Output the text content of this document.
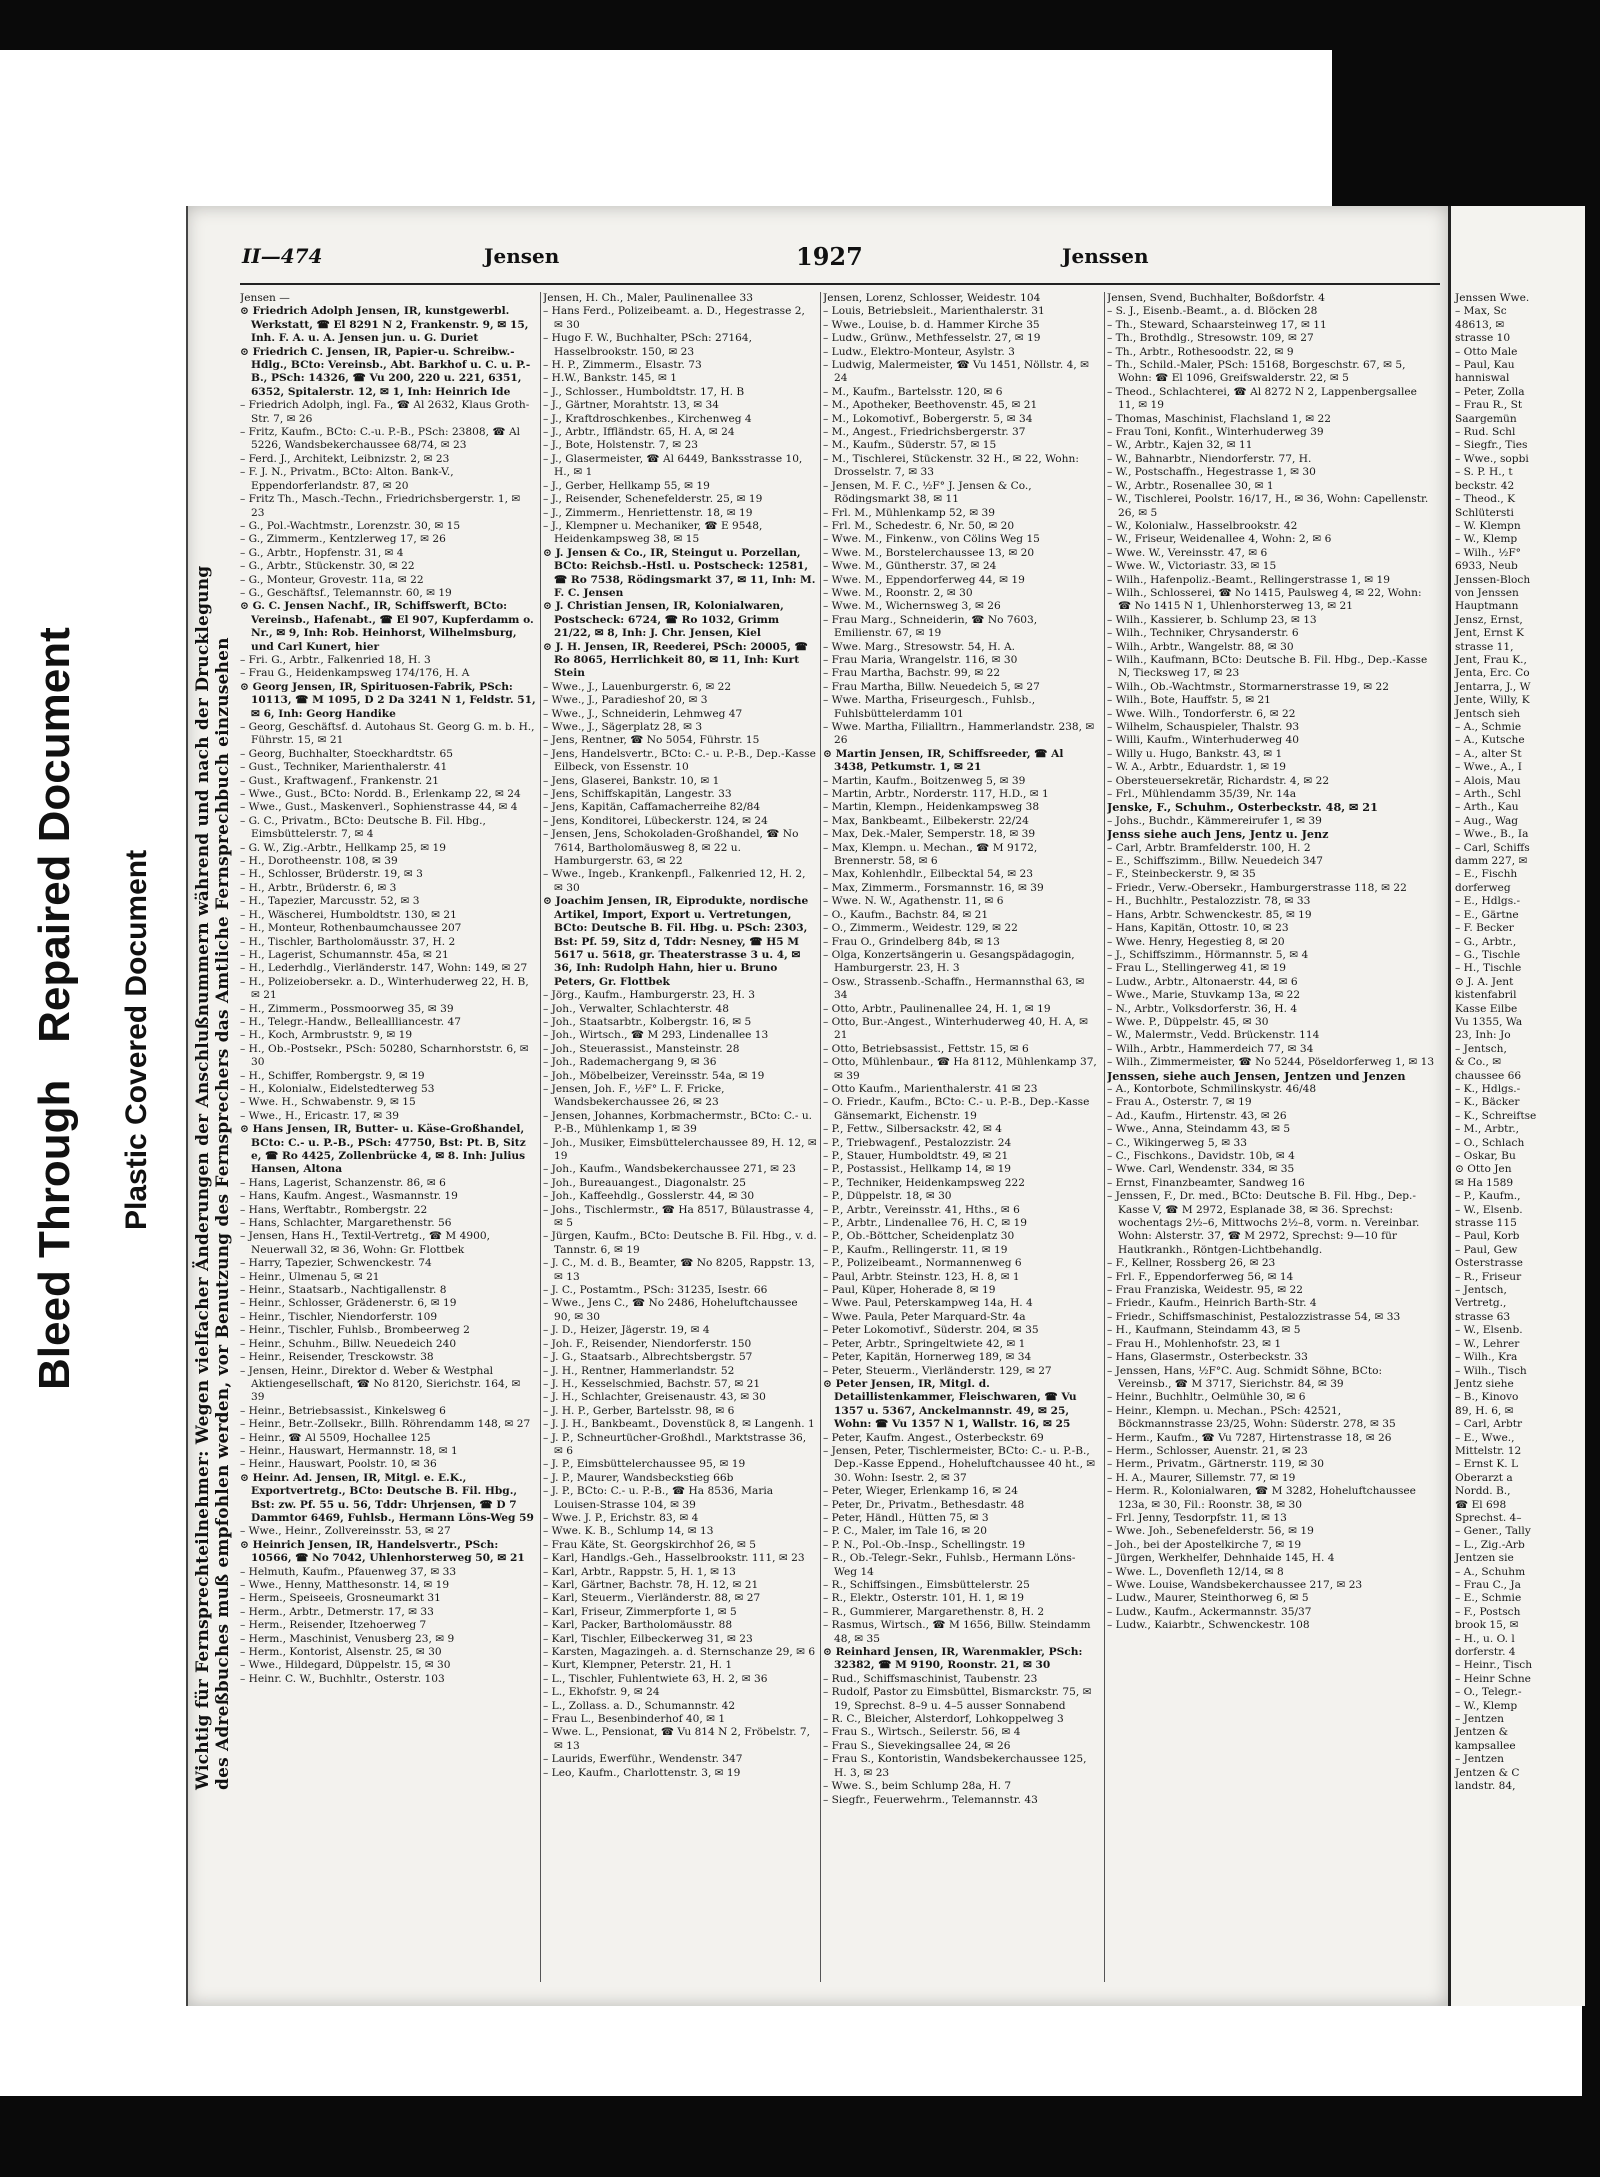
Bleed Through   Repaired Document Plastic Covered Document Wichtig für Fernsprechteilnehmer: Wegen vielfacher Änderungen der Anschlußnummern während und nach der Drucklegung des Adreßbuches muß empfohlen werden, vor Benutzung des Fernsprechers das Amtliche Fernsprechbuch einzusehen
II—474	Jensen	1927	Jenssen

Jensen —

⊙ Friedrich Adolph Jensen, IR, kunstgewerbl. Werkstatt, ☎ El 8291 N 2, Frankenstr. 9, ✉ 15, Inh. F. A. u. A. Jensen jun. u. G. Duriet

⊙ Friedrich C. Jensen, IR, Papier-u. Schreibw.-Hdlg., BCto: Vereinsb., Abt. Barkhof u. C. u. P.-B., PSch: 14326, ☎ Vu 200, 220 u. 221, 6351, 6352, Spitalerstr. 12, ✉ 1, Inh: Heinrich Ide

– Friedrich Adolph, ingl. Fa., ☎ Al 2632, Klaus Groth-Str. 7, ✉ 26

– Fritz, Kaufm., BCto: C.-u. P.-B., PSch: 23808, ☎ Al 5226, Wandsbekerchaussee 68/74, ✉ 23

– Ferd. J., Architekt, Leibnizstr. 2, ✉ 23

– F. J. N., Privatm., BCto: Alton. Bank-V., Eppendorferlandstr. 87, ✉ 20

– Fritz Th., Masch.-Techn., Friedrichsbergerstr. 1, ✉ 23

– G., Pol.-Wachtmstr., Lorenzstr. 30, ✉ 15

– G., Zimmerm., Kentzlerweg 17, ✉ 26

– G., Arbtr., Hopfenstr. 31, ✉ 4

– G., Arbtr., Stückenstr. 30, ✉ 22

– G., Monteur, Grovestr. 11a, ✉ 22

– G., Geschäftsf., Telemannstr. 60, ✉ 19

⊙ G. C. Jensen Nachf., IR, Schiffswerft, BCto: Vereinsb., Hafenabt., ☎ El 907, Kupferdamm o. Nr., ✉ 9, Inh: Rob. Heinhorst, Wilhelmsburg, und Carl Kunert, hier

– Fri. G., Arbtr., Falkenried 18, H. 3

– Frau G., Heidenkampsweg 174/176, H. A

⊙ Georg Jensen, IR, Spirituosen-Fabrik, PSch: 10113, ☎ M 1095, D 2 Da 3241 N 1, Feldstr. 51, ✉ 6, Inh: Georg Handike

– Georg, Geschäftsf. d. Autohaus St. Georg G. m. b. H., Führstr. 15, ✉ 21

– Georg, Buchhalter, Stoeckhardtstr. 65

– Gust., Techniker, Marienthalerstr. 41

– Gust., Kraftwagenf., Frankenstr. 21

– Wwe., Gust., BCto: Nordd. B., Erlenkamp 22, ✉ 24

– Wwe., Gust., Maskenverl., Sophienstrasse 44, ✉ 4

– G. C., Privatm., BCto: Deutsche B. Fil. Hbg., Eimsbüttelerstr. 7, ✉ 4

– G. W., Zig.-Arbtr., Hellkamp 25, ✉ 19

– H., Dorotheenstr. 108, ✉ 39

– H., Schlosser, Brüderstr. 19, ✉ 3

– H., Arbtr., Brüderstr. 6, ✉ 3

– H., Tapezier, Marcusstr. 52, ✉ 3

– H., Wäscherei, Humboldtstr. 130, ✉ 21

– H., Monteur, Rothenbaumchaussee 207

– H., Tischler, Bartholomäusstr. 37, H. 2

– H., Lagerist, Schumannstr. 45a, ✉ 21

– H., Lederhdlg., Vierländerstr. 147, Wohn: 149, ✉ 27

– H., Polizeiobersekr. a. D., Winterhuderweg 22, H. B, ✉ 21

– H., Zimmerm., Possmoorweg 35, ✉ 39

– H., Telegr.-Handw., Belleallliancestr. 47

– H., Koch, Armbruststr. 9, ✉ 19

– H., Ob.-Postsekr., PSch: 50280, Scharnhorststr. 6, ✉ 30

– H., Schiffer, Rombergstr. 9, ✉ 19

– H., Kolonialw., Eidelstedterweg 53

– Wwe. H., Schwabenstr. 9, ✉ 15

– Wwe., H., Ericastr. 17, ✉ 39

⊙ Hans Jensen, IR, Butter- u. Käse-Großhandel, BCto: C.- u. P.-B., PSch: 47750, Bst: Pt. B, Sitz e, ☎ Ro 4425, Zollenbrücke 4, ✉ 8. Inh: Julius Hansen, Altona

– Hans, Lagerist, Schanzenstr. 86, ✉ 6

– Hans, Kaufm. Angest., Wasmannstr. 19

– Hans, Werftabtr., Rombergstr. 22

– Hans, Schlachter, Margarethenstr. 56

– Jensen, Hans H., Textil-Vertretg., ☎ M 4900, Neuerwall 32, ✉ 36, Wohn: Gr. Flottbek

– Harry, Tapezier, Schwenckestr. 74

– Heinr., Ulmenau 5, ✉ 21

– Heinr., Staatsarb., Nachtigallenstr. 8

– Heinr., Schlosser, Grädenerstr. 6, ✉ 19

– Heinr., Tischler, Niendorferstr. 109

– Heinr., Tischler, Fuhlsb., Brombeerweg 2

– Heinr., Schuhm., Billw. Neuedeich 240

– Heinr., Reisender, Tresckowstr. 38

– Jensen, Heinr., Direktor d. Weber & Westphal Aktiengesellschaft, ☎ No 8120, Sierichstr. 164, ✉ 39

– Heinr., Betriebsassist., Kinkelsweg 6

– Heinr., Betr.-Zollsekr., Billh. Röhrendamm 148, ✉ 27

– Heinr., ☎ Al 5509, Hochallee 125

– Heinr., Hauswart, Hermannstr. 18, ✉ 1

– Heinr., Hauswart, Poolstr. 10, ✉ 36

⊙ Heinr. Ad. Jensen, IR, Mitgl. e. E.K., Exportvertretg., BCto: Deutsche B. Fil. Hbg., Bst: zw. Pf. 55 u. 56, Tddr: Uhrjensen, ☎ D 7 Dammtor 6469, Fuhlsb., Hermann Löns-Weg 59

– Wwe., Heinr., Zollvereinsstr. 53, ✉ 27

⊙ Heinrich Jensen, IR, Handelsvertr., PSch: 10566, ☎ No 7042, Uhlenhorsterweg 50, ✉ 21

– Helmuth, Kaufm., Pfauenweg 37, ✉ 33

– Wwe., Henny, Matthesonstr. 14, ✉ 19

– Herm., Speiseeis, Grosneumarkt 31

– Herm., Arbtr., Detmerstr. 17, ✉ 33

– Herm., Reisender, Itzehoerweg 7

– Herm., Maschinist, Venusberg 23, ✉ 9

– Herm., Kontorist, Alsenstr. 25, ✉ 30

– Wwe., Hildegard, Düppelstr. 15, ✉ 30

– Heinr. C. W., Buchhltr., Osterstr. 103

Jensen, H. Ch., Maler, Paulinenallee 33

– Hans Ferd., Polizeibeamt. a. D., Hegestrasse 2, ✉ 30

– Hugo F. W., Buchhalter, PSch: 27164, Hasselbrookstr. 150, ✉ 23

– H. P., Zimmerm., Elsastr. 73

– H.W., Bankstr. 145, ✉ 1

– J., Schlosser., Humboldtstr. 17, H. B

– J., Gärtner, Morahtstr. 13, ✉ 34

– J., Kraftdroschkenbes., Kirchenweg 4

– J., Arbtr., Iffländstr. 65, H. A, ✉ 24

– J., Bote, Holstenstr. 7, ✉ 23

– J., Glasermeister, ☎ Al 6449, Banksstrasse 10, H., ✉ 1

– J., Gerber, Hellkamp 55, ✉ 19

– J., Reisender, Schenefelderstr. 25, ✉ 19

– J., Zimmerm., Henriettenstr. 18, ✉ 19

– J., Klempner u. Mechaniker, ☎ E 9548, Heidenkampsweg 38, ✉ 15

⊙ J. Jensen & Co., IR, Steingut u. Porzellan, BCto: Reichsb.-Hstl. u. Postscheck: 12581, ☎ Ro 7538, Rödingsmarkt 37, ✉ 11, Inh: M. F. C. Jensen

⊙ J. Christian Jensen, IR, Kolonialwaren, Postscheck: 6724, ☎ Ro 1032, Grimm 21/22, ✉ 8, Inh: J. Chr. Jensen, Kiel

⊙ J. H. Jensen, IR, Reederei, PSch: 20005, ☎ Ro 8065, Herrlichkeit 80, ✉ 11, Inh: Kurt Stein

– Wwe., J., Lauenburgerstr. 6, ✉ 22

– Wwe., J., Paradieshof 20, ✉ 3

– Wwe., J., Schneiderin, Lehmweg 47

– Wwe., J., Sägerplatz 28, ✉ 3

– Jens, Rentner, ☎ No 5054, Führstr. 15

– Jens, Handelsvertr., BCto: C.- u. P.-B., Dep.-Kasse Eilbeck, von Essenstr. 10

– Jens, Glaserei, Bankstr. 10, ✉ 1

– Jens, Schiffskapitän, Langestr. 33

– Jens, Kapitän, Caffamacherreihe 82/84

– Jens, Konditorei, Lübeckerstr. 124, ✉ 24

– Jensen, Jens, Schokoladen-Großhandel, ☎ No 7614, Bartholomäusweg 8, ✉ 22 u. Hamburgerstr. 63, ✉ 22

– Wwe., Ingeb., Krankenpfl., Falkenried 12, H. 2, ✉ 30

⊙ Joachim Jensen, IR, Eiprodukte, nordische Artikel, Import, Export u. Vertretungen, BCto: Deutsche B. Fil. Hbg. u. PSch: 2303, Bst: Pf. 59, Sitz d, Tddr: Nesney, ☎ H5 M 5617 u. 5618, gr. Theaterstrasse 3 u. 4, ✉ 36, Inh: Rudolph Hahn, hier u. Bruno Peters, Gr. Flottbek

– Jörg., Kaufm., Hamburgerstr. 23, H. 3

– Joh., Verwalter, Schlachterstr. 48

– Joh., Staatsarbtr., Kolbergstr. 16, ✉ 5

– Joh., Wirtsch., ☎ M 293, Lindenallee 13

– Joh., Steuerassist., Mansteinstr. 28

– Joh., Rademachergang 9, ✉ 36

– Joh., Möbelbeizer, Vereinsstr. 54a, ✉ 19

– Jensen, Joh. F., ½F° L. F. Fricke, Wandsbekerchaussee 26, ✉ 23

– Jensen, Johannes, Korbmachermstr., BCto: C.- u. P.-B., Mühlenkamp 1, ✉ 39

– Joh., Musiker, Eimsbüttelerchaussee 89, H. 12, ✉ 19

– Joh., Kaufm., Wandsbekerchaussee 271, ✉ 23

– Joh., Bureauangest., Diagonalstr. 25

– Joh., Kaffeehdlg., Gosslerstr. 44, ✉ 30

– Johs., Tischlermstr., ☎ Ha 8517, Bülaustrasse 4, ✉ 5

– Jürgen, Kaufm., BCto: Deutsche B. Fil. Hbg., v. d. Tannstr. 6, ✉ 19

– J. C., M. d. B., Beamter, ☎ No 8205, Rappstr. 13, ✉ 13

– J. C., Postamtm., PSch: 31235, Isestr. 66

– Wwe., Jens C., ☎ No 2486, Hoheluftchaussee 90, ✉ 30

– J. D., Heizer, Jägerstr. 19, ✉ 4

– Joh. F., Reisender, Niendorferstr. 150

– J. G., Staatsarb., Albrechtsbergstr. 57

– J. H., Rentner, Hammerlandstr. 52

– J. H., Kesselschmied, Bachstr. 57, ✉ 21

– J. H., Schlachter, Greisenaustr. 43, ✉ 30

– J. H. P., Gerber, Bartelsstr. 98, ✉ 6

– J. J. H., Bankbeamt., Dovenstück 8, ✉ Langenh. 1

– J. P., Schneurtücher-Großhdl., Marktstrasse 36, ✉ 6

– J. P., Eimsbüttelerchaussee 95, ✉ 19

– J. P., Maurer, Wandsbeckstieg 66b

– J. P., BCto: C.- u. P.-B., ☎ Ha 8536, Maria Louisen-Strasse 104, ✉ 39

– Wwe. J. P., Erichstr. 83, ✉ 4

– Wwe. K. B., Schlump 14, ✉ 13

– Frau Käte, St. Georgskirchhof 26, ✉ 5

– Karl, Handlgs.-Geh., Hasselbrookstr. 111, ✉ 23

– Karl, Arbtr., Rappstr. 5, H. 1, ✉ 13

– Karl, Gärtner, Bachstr. 78, H. 12, ✉ 21

– Karl, Steuerm., Vierländerstr. 88, ✉ 27

– Karl, Friseur, Zimmerpforte 1, ✉ 5

– Karl, Packer, Bartholomäusstr. 88

– Karl, Tischler, Eilbeckerweg 31, ✉ 23

– Karsten, Magazingeh. a. d. Sternschanze 29, ✉ 6

– Kurt, Klempner, Peterstr. 21, H. 1

– L., Tischler, Fuhlentwiete 63, H. 2, ✉ 36

– L., Ekhofstr. 9, ✉ 24

– L., Zollass. a. D., Schumannstr. 42

– Frau L., Besenbinderhof 40, ✉ 1

– Wwe. L., Pensionat, ☎ Vu 814 N 2, Fröbelstr. 7, ✉ 13

– Laurids, Ewerführ., Wendenstr. 347

– Leo, Kaufm., Charlottenstr. 3, ✉ 19

Jensen, Lorenz, Schlosser, Weidestr. 104

– Louis, Betriebsleit., Marienthalerstr. 31

– Wwe., Louise, b. d. Hammer Kirche 35

– Ludw., Grünw., Methfesselstr. 27, ✉ 19

– Ludw., Elektro-Monteur, Asylstr. 3

– Ludwig, Malermeister, ☎ Vu 1451, Nöllstr. 4, ✉ 24

– M., Kaufm., Bartelsstr. 120, ✉ 6

– M., Apotheker, Beethovenstr. 45, ✉ 21

– M., Lokomotivf., Bobergerstr. 5, ✉ 34

– M., Angest., Friedrichsbergerstr. 37

– M., Kaufm., Süderstr. 57, ✉ 15

– M., Tischlerei, Stückenstr. 32 H., ✉ 22, Wohn: Drosselstr. 7, ✉ 33

– Jensen, M. F. C., ½F° J. Jensen & Co., Rödingsmarkt 38, ✉ 11

– Frl. M., Mühlenkamp 52, ✉ 39

– Frl. M., Schedestr. 6, Nr. 50, ✉ 20

– Wwe. M., Finkenw., von Cölins Weg 15

– Wwe. M., Borstelerchaussee 13, ✉ 20

– Wwe. M., Güntherstr. 37, ✉ 24

– Wwe. M., Eppendorferweg 44, ✉ 19

– Wwe. M., Roonstr. 2, ✉ 30

– Wwe. M., Wichernsweg 3, ✉ 26

– Frau Marg., Schneiderin, ☎ No 7603, Emilienstr. 67, ✉ 19

– Wwe. Marg., Stresowstr. 54, H. A.

– Frau Maria, Wrangelstr. 116, ✉ 30

– Frau Martha, Bachstr. 99, ✉ 22

– Frau Martha, Billw. Neuedeich 5, ✉ 27

– Wwe. Martha, Friseurgesch., Fuhlsb., Fuhlsbüttelerdamm 101

– Wwe. Martha, Filialltrn., Hammerlandstr. 238, ✉ 26

⊙ Martin Jensen, IR, Schiffsreeder, ☎ Al 3438, Petkumstr. 1, ✉ 21

– Martin, Kaufm., Boitzenweg 5, ✉ 39

– Martin, Arbtr., Norderstr. 117, H.D., ✉ 1

– Martin, Klempn., Heidenkampsweg 38

– Max, Bankbeamt., Eilbekerstr. 22/24

– Max, Dek.-Maler, Semperstr. 18, ✉ 39

– Max, Klempn. u. Mechan., ☎ M 9172, Brennerstr. 58, ✉ 6

– Max, Kohlenhdlr., Eilbecktal 54, ✉ 23

– Max, Zimmerm., Forsmannstr. 16, ✉ 39

– Wwe. N. W., Agathenstr. 11, ✉ 6

– O., Kaufm., Bachstr. 84, ✉ 21

– O., Zimmerm., Weidestr. 129, ✉ 22

– Frau O., Grindelberg 84b, ✉ 13

– Olga, Konzertsängerin u. Gesangspädagogin, Hamburgerstr. 23, H. 3

– Osw., Strassenb.-Schaffn., Hermannsthal 63, ✉ 34

– Otto, Arbtr., Paulinenallee 24, H. 1, ✉ 19

– Otto, Bur.-Angest., Winterhuderweg 40, H. A, ✉ 21

– Otto, Betriebsassist., Fettstr. 15, ✉ 6

– Otto, Mühlenbaur., ☎ Ha 8112, Mühlenkamp 37, ✉ 39

– Otto Kaufm., Marienthalerstr. 41 ✉ 23

– O. Friedr., Kaufm., BCto: C.- u. P.-B., Dep.-Kasse Gänsemarkt, Eichenstr. 19

– P., Fettw., Silbersackstr. 42, ✉ 4

– P., Triebwagenf., Pestalozzistr. 24

– P., Stauer, Humboldtstr. 49, ✉ 21

– P., Postassist., Hellkamp 14, ✉ 19

– P., Techniker, Heidenkampsweg 222

– P., Düppelstr. 18, ✉ 30

– P., Arbtr., Vereinsstr. 41, Hths., ✉ 6

– P., Arbtr., Lindenallee 76, H. C, ✉ 19

– P., Ob.-Böttcher, Scheidenplatz 30

– P., Kaufm., Rellingerstr. 11, ✉ 19

– P., Polizeibeamt., Normannenweg 6

– Paul, Arbtr. Steinstr. 123, H. 8, ✉ 1

– Paul, Küper, Hoherade 8, ✉ 19

– Wwe. Paul, Peterskampweg 14a, H. 4

– Wwe. Paula, Peter Marquard-Str. 4a

– Peter Lokomotivf., Süderstr. 204, ✉ 35

– Peter, Arbtr., Springeltwiete 42, ✉ 1

– Peter, Kapitän, Hornerweg 189, ✉ 34

– Peter, Steuerm., Vierländerstr. 129, ✉ 27

⊙ Peter Jensen, IR, Mitgl. d. Detaillistenkammer, Fleischwaren, ☎ Vu 1357 u. 5367, Anckelmannstr. 49, ✉ 25, Wohn: ☎ Vu 1357 N 1, Wallstr. 16, ✉ 25

– Peter, Kaufm. Angest., Osterbeckstr. 69

– Jensen, Peter, Tischlermeister, BCto: C.- u. P.-B., Dep.-Kasse Eppend., Hoheluftchaussee 40 ht., ✉ 30. Wohn: Isestr. 2, ✉ 37

– Peter, Wieger, Erlenkamp 16, ✉ 24

– Peter, Dr., Privatm., Bethesdastr. 48

– Peter, Händl., Hütten 75, ✉ 3

– P. C., Maler, im Tale 16, ✉ 20

– P. N., Pol.-Ob.-Insp., Schellingstr. 19

– R., Ob.-Telegr.-Sekr., Fuhlsb., Hermann Löns-Weg 14

– R., Schiffsingen., Eimsbüttelerstr. 25

– R., Elektr., Osterstr. 101, H. 1, ✉ 19

– R., Gummierer, Margarethenstr. 8, H. 2

– Rasmus, Wirtsch., ☎ M 1656, Billw. Steindamm 48, ✉ 35

⊙ Reinhard Jensen, IR, Warenmakler, PSch: 32382, ☎ M 9190, Roonstr. 21, ✉ 30

– Rud., Schiffsmaschinist, Taubenstr. 23

– Rudolf, Pastor zu Eimsbüttel, Bismarckstr. 75, ✉ 19, Sprechst. 8–9 u. 4–5 ausser Sonnabend

– R. C., Bleicher, Alsterdorf, Lohkoppelweg 3

– Frau S., Wirtsch., Seilerstr. 56, ✉ 4

– Frau S., Sievekingsallee 24, ✉ 26

– Frau S., Kontoristin, Wandsbekerchaussee 125, H. 3, ✉ 23

– Wwe. S., beim Schlump 28a, H. 7

– Siegfr., Feuerwehrm., Telemannstr. 43

Jensen, Svend, Buchhalter, Boßdorfstr. 4

– S. J., Eisenb.-Beamt., a. d. Blöcken 28

– Th., Steward, Schaarsteinweg 17, ✉ 11

– Th., Brothdlg., Stresowstr. 109, ✉ 27

– Th., Arbtr., Rothesoodstr. 22, ✉ 9

– Th., Schild.-Maler, PSch: 15168, Borgeschstr. 67, ✉ 5, Wohn: ☎ El 1096, Greifswalderstr. 22, ✉ 5

– Theod., Schlachterei, ☎ Al 8272 N 2, Lappenbergsallee 11, ✉ 19

– Thomas, Maschinist, Flachsland 1, ✉ 22

– Frau Toni, Konfit., Winterhuderweg 39

– W., Arbtr., Kajen 32, ✉ 11

– W., Bahnarbtr., Niendorferstr. 77, H.

– W., Postschaffn., Hegestrasse 1, ✉ 30

– W., Arbtr., Rosenallee 30, ✉ 1

– W., Tischlerei, Poolstr. 16/17, H., ✉ 36, Wohn: Capellenstr. 26, ✉ 5

– W., Kolonialw., Hasselbrookstr. 42

– W., Friseur, Weidenallee 4, Wohn: 2, ✉ 6

– Wwe. W., Vereinsstr. 47, ✉ 6

– Wwe. W., Victoriastr. 33, ✉ 15

– Wilh., Hafenpoliz.-Beamt., Rellingerstrasse 1, ✉ 19

– Wilh., Schlosserei, ☎ No 1415, Paulsweg 4, ✉ 22, Wohn: ☎ No 1415 N 1, Uhlenhorsterweg 13, ✉ 21

– Wilh., Kassierer, b. Schlump 23, ✉ 13

– Wilh., Techniker, Chrysanderstr. 6

– Wilh., Arbtr., Wangelstr. 88, ✉ 30

– Wilh., Kaufmann, BCto: Deutsche B. Fil. Hbg., Dep.-Kasse N, Tiecksweg 17, ✉ 23

– Wilh., Ob.-Wachtmstr., Stormarnerstrasse 19, ✉ 22

– Wilh., Bote, Hauffstr. 5, ✉ 21

– Wwe. Wilh., Tondorferstr. 6, ✉ 22

– Wilhelm, Schauspieler, Thalstr. 93

– Willi, Kaufm., Winterhuderweg 40

– Willy u. Hugo, Bankstr. 43, ✉ 1

– W. A., Arbtr., Eduardstr. 1, ✉ 19

– Obersteuersekretär, Richardstr. 4, ✉ 22

– Frl., Mühlendamm 35/39, Nr. 14a

Jenske, F., Schuhm., Osterbeckstr. 48, ✉ 21

– Johs., Buchdr., Kämmereirufer 1, ✉ 39

Jenss siehe auch Jens, Jentz u. Jenz

– Carl, Arbtr. Bramfelderstr. 100, H. 2

– E., Schiffszimm., Billw. Neuedeich 347

– F., Steinbeckerstr. 9, ✉ 35

– Friedr., Verw.-Obersekr., Hamburgerstrasse 118, ✉ 22

– H., Buchhltr., Pestalozzistr. 78, ✉ 33

– Hans, Arbtr. Schwenckestr. 85, ✉ 19

– Hans, Kapitän, Ottostr. 10, ✉ 23

– Wwe. Henry, Hegestieg 8, ✉ 20

– J., Schiffszimm., Hörmannstr. 5, ✉ 4

– Frau L., Stellingerweg 41, ✉ 19

– Ludw., Arbtr., Altonaerstr. 44, ✉ 6

– Wwe., Marie, Stuvkamp 13a, ✉ 22

– N., Arbtr., Volksdorferstr. 36, H. 4

– Wwe. P., Düppelstr. 45, ✉ 30

– W., Malermstr., Vedd. Brückenstr. 114

– Wilh., Arbtr., Hammerdeich 77, ✉ 34

– Wilh., Zimmermeister, ☎ No 5244, Pöseldorferweg 1, ✉ 13

Jenssen, siehe auch Jensen, Jentzen und Jenzen

– A., Kontorbote, Schmilinskystr. 46/48

– Frau A., Osterstr. 7, ✉ 19

– Ad., Kaufm., Hirtenstr. 43, ✉ 26

– Wwe., Anna, Steindamm 43, ✉ 5

– C., Wikingerweg 5, ✉ 33

– C., Fischkons., Davidstr. 10b, ✉ 4

– Wwe. Carl, Wendenstr. 334, ✉ 35

– Ernst, Finanzbeamter, Sandweg 16

– Jenssen, F., Dr. med., BCto: Deutsche B. Fil. Hbg., Dep.-Kasse V, ☎ M 2972, Esplanade 38, ✉ 36. Sprechst: wochentags 2½–6, Mittwochs 2½–8, vorm. n. Vereinbar. Wohn: Alsterstr. 37, ☎ M 2972, Sprechst: 9—10 für Hautkrankh., Röntgen-Lichtbehandlg.

– F., Kellner, Rossberg 26, ✉ 23

– Frl. F., Eppendorferweg 56, ✉ 14

– Frau Franziska, Weidestr. 95, ✉ 22

– Friedr., Kaufm., Heinrich Barth-Str. 4

– Friedr., Schiffsmaschinist, Pestalozzistrasse 54, ✉ 33

– H., Kaufmann, Steindamm 43, ✉ 5

– Frau H., Mohlenhofstr. 23, ✉ 1

– Hans, Glasermstr., Osterbeckstr. 33

– Jenssen, Hans, ½F°C. Aug. Schmidt Söhne, BCto: Vereinsb., ☎ M 3717, Sierichstr. 84, ✉ 39

– Heinr., Buchhltr., Oelmühle 30, ✉ 6

– Heinr., Klempn. u. Mechan., PSch: 42521, Böckmannstrasse 23/25, Wohn: Süderstr. 278, ✉ 35

– Herm., Kaufm., ☎ Vu 7287, Hirtenstrasse 18, ✉ 26

– Herm., Schlosser, Auenstr. 21, ✉ 23

– Herm., Privatm., Gärtnerstr. 119, ✉ 30

– H. A., Maurer, Sillemstr. 77, ✉ 19

– Herm. R., Kolonialwaren, ☎ M 3282, Hoheluftchaussee 123a, ✉ 30, Fil.: Roonstr. 38, ✉ 30

– Frl. Jenny, Tesdorpfstr. 11, ✉ 13

– Wwe. Joh., Sebenefelderstr. 56, ✉ 19

– Joh., bei der Apostelkirche 7, ✉ 19

– Jürgen, Werkhelfer, Dehnhaide 145, H. 4

– Wwe. L., Dovenfleth 12/14, ✉ 8

– Wwe. Louise, Wandsbekerchaussee 217, ✉ 23

– Ludw., Maurer, Steinthorweg 6, ✉ 5

– Ludw., Kaufm., Ackermannstr. 35/37

– Ludw., Kaiarbtr., Schwenckestr. 108

Jenssen Wwe.
– Max, Sc
48613, ✉
strasse 10
– Otto Male
– Paul, Kau
hanniswal
– Peter, Zolla
– Frau R., St
Saargemün
– Rud. Schl
– Siegfr., Ties
– Wwe., sopbi
– S. P. H., t
beckstr. 42
– Theod., K
Schlütersti
– W. Klempn
– W., Klemp
– Wilh., ½F°
6933, Neub
Jenssen-Bloch
von Jenssen
Hauptmann
Jensz, Ernst,
Jent, Ernst K
strasse 11,
Jent, Frau K.,
Jenta, Erc. Co
Jentarra, J., W
Jente, Willy, K
Jentsch sieh
– A., Schmie
– A., Kutsche
– A., alter St
– Wwe., A., I
– Alois, Mau
– Arth., Schl
– Arth., Kau
– Aug., Wag
– Wwe., B., Ia
– Carl, Schiffs
damm 227, ✉
– E., Fischh
dorferweg
– E., Hdlgs.-
– E., Gärtne
– F. Becker
– G., Arbtr.,
– G., Tischle
– H., Tischle
⊙ J. A. Jent
kistenfabril
Kasse Eilbe
Vu 1355, Wa
23, Inh: Jo
– Jentsch,
& Co., ✉
chaussee 66
– K., Hdlgs.-
– K., Bäcker
– K., Schreiftse
– M., Arbtr.,
– O., Schlach
– Oskar, Bu
⊙ Otto Jen
✉ Ha 1589
– P., Kaufm.,
– W., Elsenb.
strasse 115
– Paul, Korb
– Paul, Gew
Osterstrasse
– R., Friseur
– Jentsch,
Vertretg.,
strasse 63
– W., Elsenb.
– W., Lehrer
– Wilh., Kra
– Wilh., Tisch
Jentz siehe
– B., Kinovo
89, H. 6, ✉
– Carl, Arbtr
– E., Wwe.,
Mittelstr. 12
– Ernst K. L
Oberarzt a
Nordd. B.,
☎ El 698
Sprechst. 4–
– Gener., Tally
– L., Zig.-Arb
Jentzen sie
– A., Schuhm
– Frau C., Ja
– E., Schmie
– F., Postsch
brook 15, ✉
– H., u. O. l
dorferstr. 4
– Heinr., Tisch
– Heinr Schne
– O., Telegr.-
– W., Klemp
– Jentzen
Jentzen &
kampsallee
– Jentzen
Jentzen & C
landstr. 84,
